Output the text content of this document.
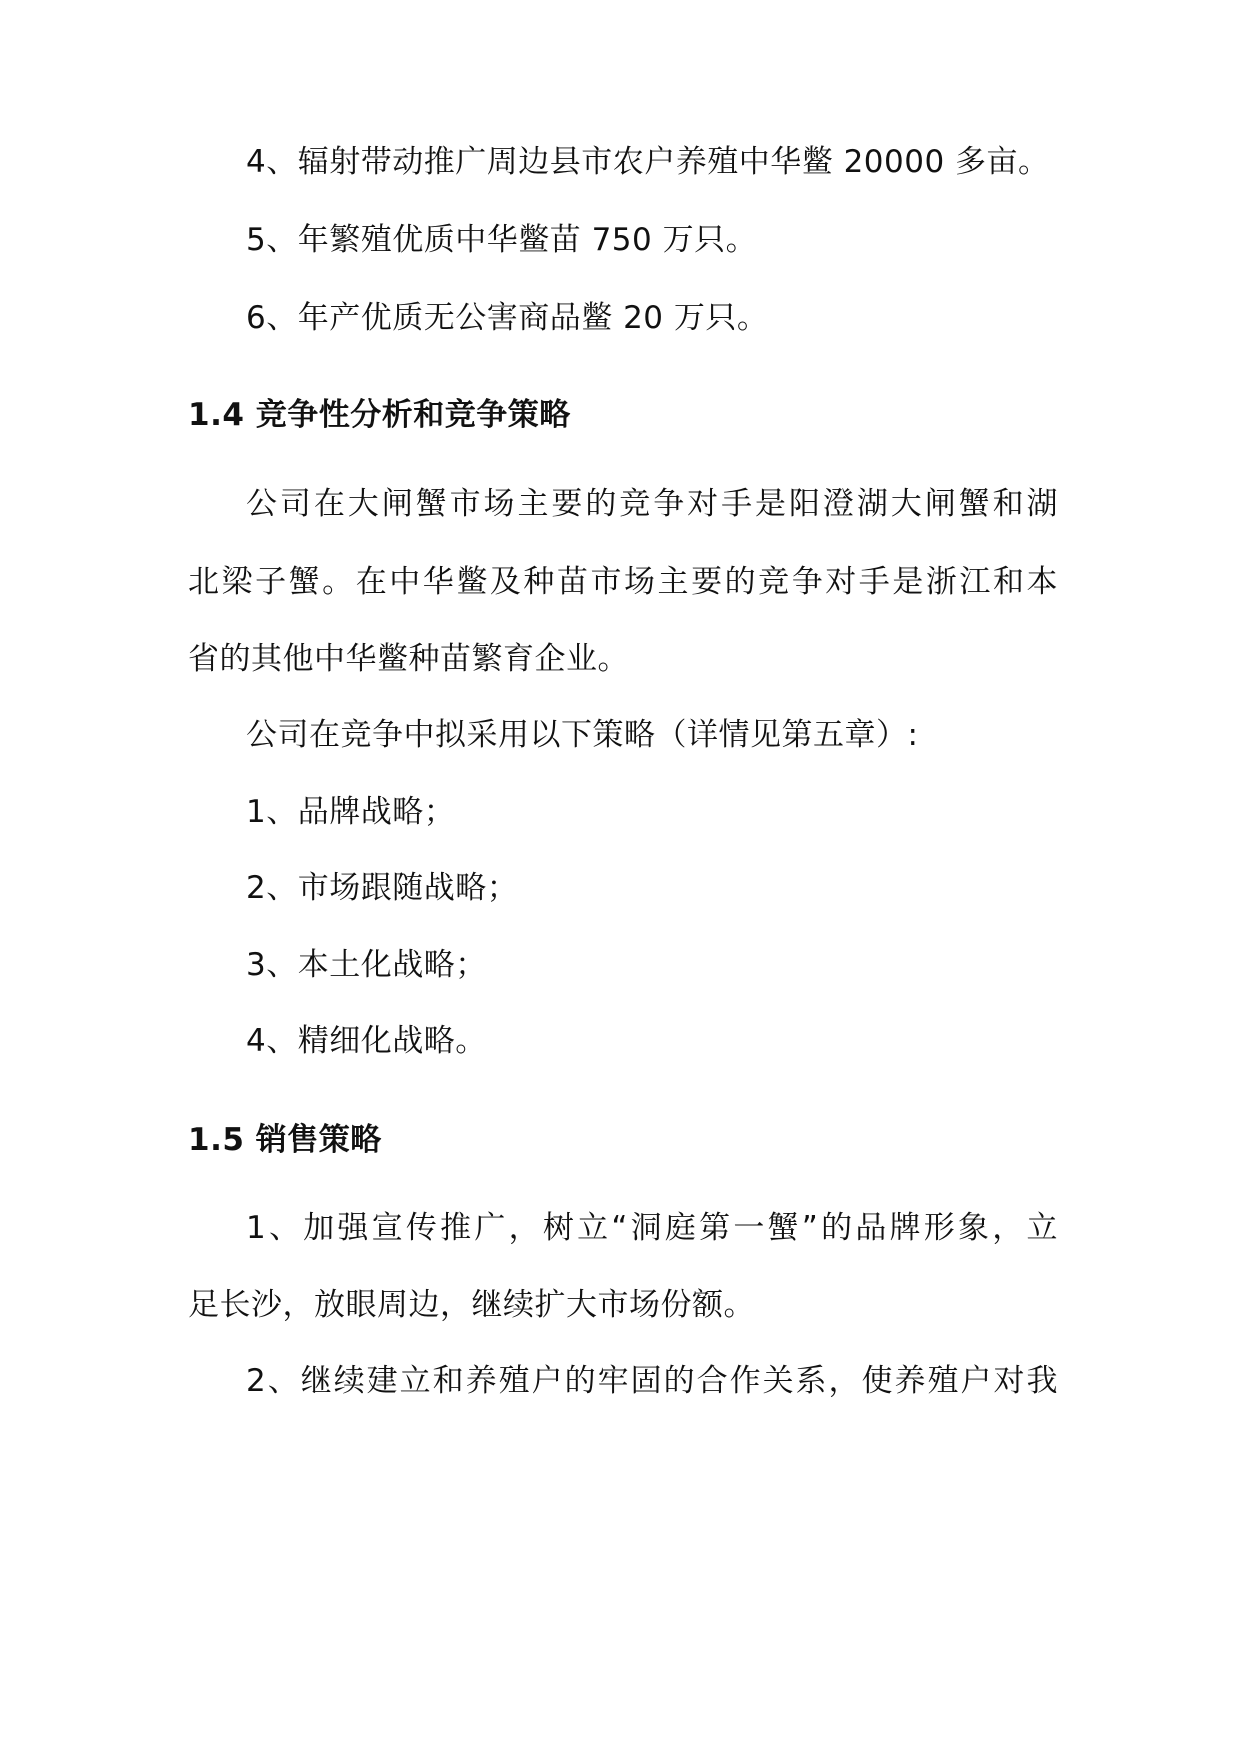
4、辐射带动推广周边县市农户养殖中华鳖 20000 多亩。
5、年繁殖优质中华鳖苗 750 万只。
6、年产优质无公害商品鳖 20 万只。
1.4 竞争性分析和竞争策略
公司在大闸蟹市场主要的竞争对手是阳澄湖大闸蟹和湖
北梁子蟹。在中华鳖及种苗市场主要的竞争对手是浙江和本
省的其他中华鳖种苗繁育企业。
公司在竞争中拟采用以下策略（详情见第五章）:
1、品牌战略；
2、市场跟随战略；
3、本土化战略；
4、精细化战略。
1.5 销售策略
1、加强宣传推广，树立“洞庭第一蟹”的品牌形象，立
足长沙，放眼周边，继续扩大市场份额。
2、继续建立和养殖户的牢固的合作关系，使养殖户对我
